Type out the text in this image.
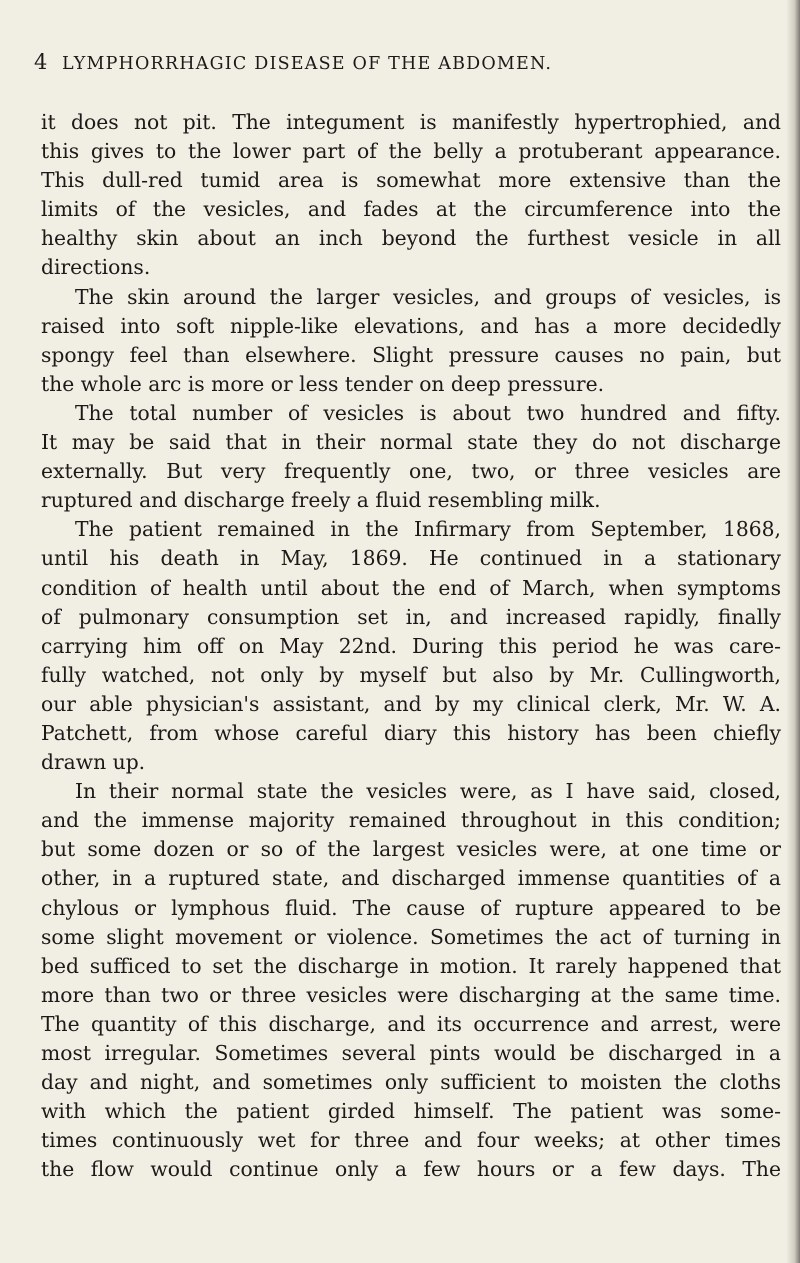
4 LYMPHORRHAGIC DISEASE OF THE ABDOMEN.
it does not pit. The integument is manifestly hypertrophied, and
this gives to the lower part of the belly a protuberant appearance.
This dull-red tumid area is somewhat more extensive than the
limits of the vesicles, and fades at the circumference into the
healthy skin about an inch beyond the furthest vesicle in all
directions.
The skin around the larger vesicles, and groups of vesicles, is
raised into soft nipple-like elevations, and has a more decidedly
spongy feel than elsewhere. Slight pressure causes no pain, but
the whole arc is more or less tender on deep pressure.
The total number of vesicles is about two hundred and fifty.
It may be said that in their normal state they do not discharge
externally. But very frequently one, two, or three vesicles are
ruptured and discharge freely a fluid resembling milk.
The patient remained in the Infirmary from September, 1868,
until his death in May, 1869. He continued in a stationary
condition of health until about the end of March, when symptoms
of pulmonary consumption set in, and increased rapidly, finally
carrying him off on May 22nd. During this period he was care-
fully watched, not only by myself but also by Mr. Cullingworth,
our able physician's assistant, and by my clinical clerk, Mr. W. A.
Patchett, from whose careful diary this history has been chiefly
drawn up.
In their normal state the vesicles were, as I have said, closed,
and the immense majority remained throughout in this condition;
but some dozen or so of the largest vesicles were, at one time or
other, in a ruptured state, and discharged immense quantities of a
chylous or lymphous fluid. The cause of rupture appeared to be
some slight movement or violence. Sometimes the act of turning in
bed sufficed to set the discharge in motion. It rarely happened that
more than two or three vesicles were discharging at the same time.
The quantity of this discharge, and its occurrence and arrest, were
most irregular. Sometimes several pints would be discharged in a
day and night, and sometimes only sufficient to moisten the cloths
with which the patient girded himself. The patient was some-
times continuously wet for three and four weeks; at other times
the flow would continue only a few hours or a few days. The
